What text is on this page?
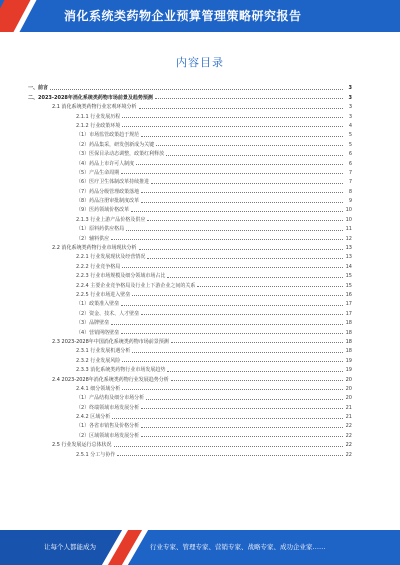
消化系统类药物企业预算管理策略研究报告
内容目录
一、前言	3
二、2023-2028年消化系统类药物市场前景及趋势预测	3
2.1 消化系统类药物行业宏观环境分析	3
2.1.1 行业发展历程	3
2.1.2 行业政策环境	4
（1）市场监管政策趋于规范	5
（2）药品集采，研发创新成为关键	5
（3）医保目录动态调整，政策红利释放	6
（4）药品上市许可人制度	6
（5）产品生命周期	7
（6）医疗卫生体制改革持续推进	7
（7）药品分级管理政策落地	8
（8）药品注册审批制度改革	9
（9）医药领域价格改革	10
2.1.3 行业上游产品价格及供应	10
（1）原料药供应格局	11
（2）辅料供应	12
2.2 消化系统类药物行业市场现状分析	13
2.2.1 行业发展现状及经营情况	13
2.2.2 行业竞争格局	14
2.2.3 行业市场规模及细分领域市场占比	15
2.2.4 主要企业竞争格局及行业上下游企业之间的关系	15
2.2.5 行业市场进入壁垒	16
（1）政策准入壁垒	17
（2）资金、技术、人才壁垒	17
（3）品牌壁垒	18
（4）营销网络壁垒	18
2.3 2023-2028年中国消化系统类药物市场前景预测	18
2.3.1 行业发展机遇分析	18
2.3.2 行业发展风险	19
2.3.3 消化系统类药物行业市场发展趋势	19
2.4 2023-2028年消化系统类药物行业发展趋势分析	20
2.4.1 细分领域分析	20
（1）产品结构及细分市场分析	20
（2）终端领域市场发展分析	21
2.4.2 区域分析	21
（1）各省市销售及价格分析	22
（2）区域领域市场发展分析	22
2.5 行业发展运行总体状况	22
2.5.1 分工与协作	22
让每个人都能成为	行业专家、管理专家、营销专家、战略专家、成功企业家……
